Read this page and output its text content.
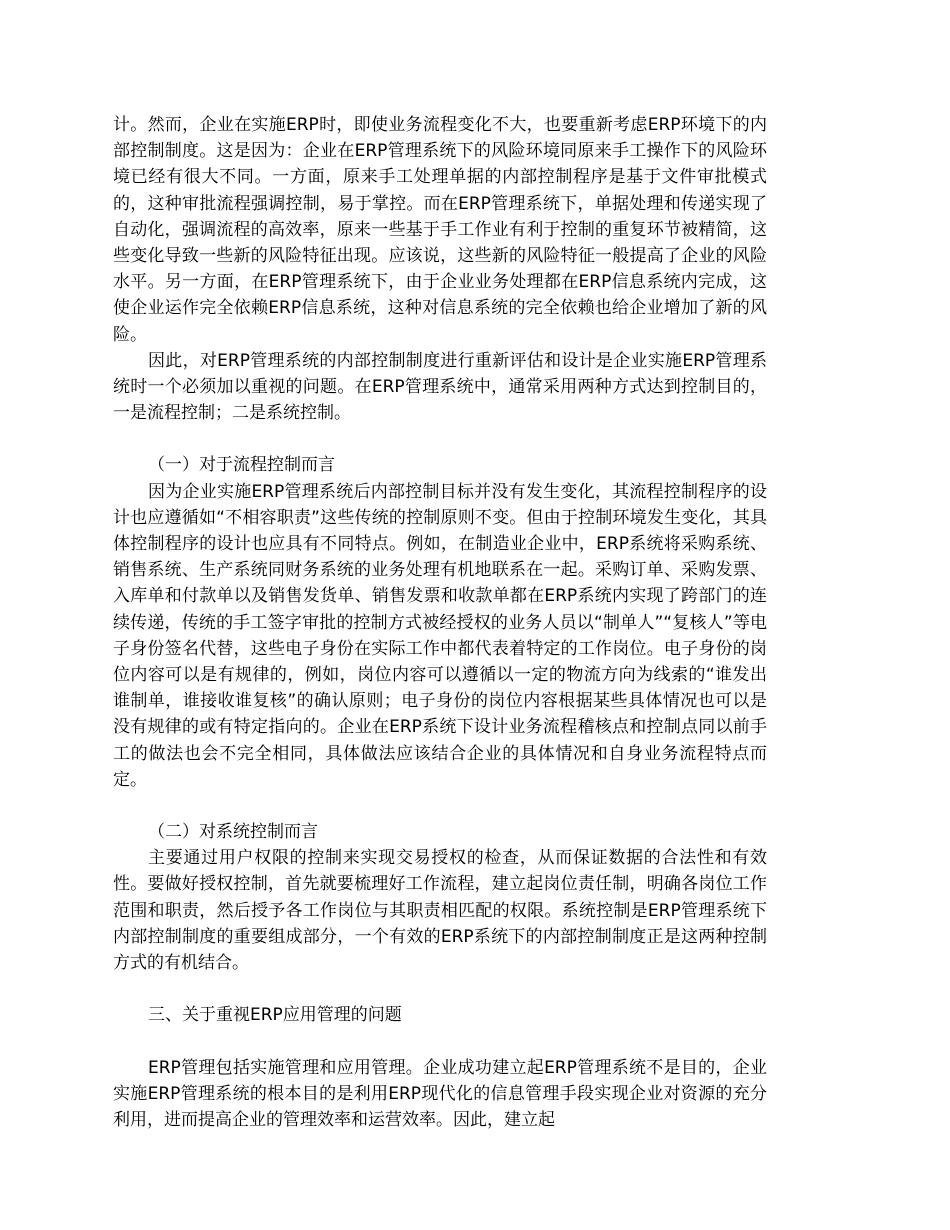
计。然而，企业在实施ERP时，即使业务流程变化不大，也要重新考虑ERP环境下的内部控制制度。这是因为：企业在ERP管理系统下的风险环境同原来手工操作下的风险环境已经有很大不同。一方面，原来手工处理单据的内部控制程序是基于文件审批模式的，这种审批流程强调控制，易于掌控。而在ERP管理系统下，单据处理和传递实现了自动化，强调流程的高效率，原来一些基于手工作业有利于控制的重复环节被精简，这些变化导致一些新的风险特征出现。应该说，这些新的风险特征一般提高了企业的风险水平。另一方面，在ERP管理系统下，由于企业业务处理都在ERP信息系统内完成，这使企业运作完全依赖ERP信息系统，这种对信息系统的完全依赖也给企业增加了新的风险。

因此，对ERP管理系统的内部控制制度进行重新评估和设计是企业实施ERP管理系统时一个必须加以重视的问题。在ERP管理系统中，通常采用两种方式达到控制目的，一是流程控制；二是系统控制。

（一）对于流程控制而言

因为企业实施ERP管理系统后内部控制目标并没有发生变化，其流程控制程序的设计也应遵循如“不相容职责”这些传统的控制原则不变。但由于控制环境发生变化，其具体控制程序的设计也应具有不同特点。例如，在制造业企业中，ERP系统将采购系统、销售系统、生产系统同财务系统的业务处理有机地联系在一起。采购订单、采购发票、入库单和付款单以及销售发货单、销售发票和收款单都在ERP系统内实现了跨部门的连续传递，传统的手工签字审批的控制方式被经授权的业务人员以“制单人”“复核人”等电子身份签名代替，这些电子身份在实际工作中都代表着特定的工作岗位。电子身份的岗位内容可以是有规律的，例如，岗位内容可以遵循以一定的物流方向为线索的“谁发出谁制单，谁接收谁复核”的确认原则；电子身份的岗位内容根据某些具体情况也可以是没有规律的或有特定指向的。企业在ERP系统下设计业务流程稽核点和控制点同以前手工的做法也会不完全相同，具体做法应该结合企业的具体情况和自身业务流程特点而定。

（二）对系统控制而言

主要通过用户权限的控制来实现交易授权的检查，从而保证数据的合法性和有效性。要做好授权控制，首先就要梳理好工作流程，建立起岗位责任制，明确各岗位工作范围和职责，然后授予各工作岗位与其职责相匹配的权限。系统控制是ERP管理系统下内部控制制度的重要组成部分，一个有效的ERP系统下的内部控制制度正是这两种控制方式的有机结合。

三、关于重视ERP应用管理的问题

ERP管理包括实施管理和应用管理。企业成功建立起ERP管理系统不是目的，企业实施ERP管理系统的根本目的是利用ERP现代化的信息管理手段实现企业对资源的充分利用，进而提高企业的管理效率和运营效率。因此，建立起
